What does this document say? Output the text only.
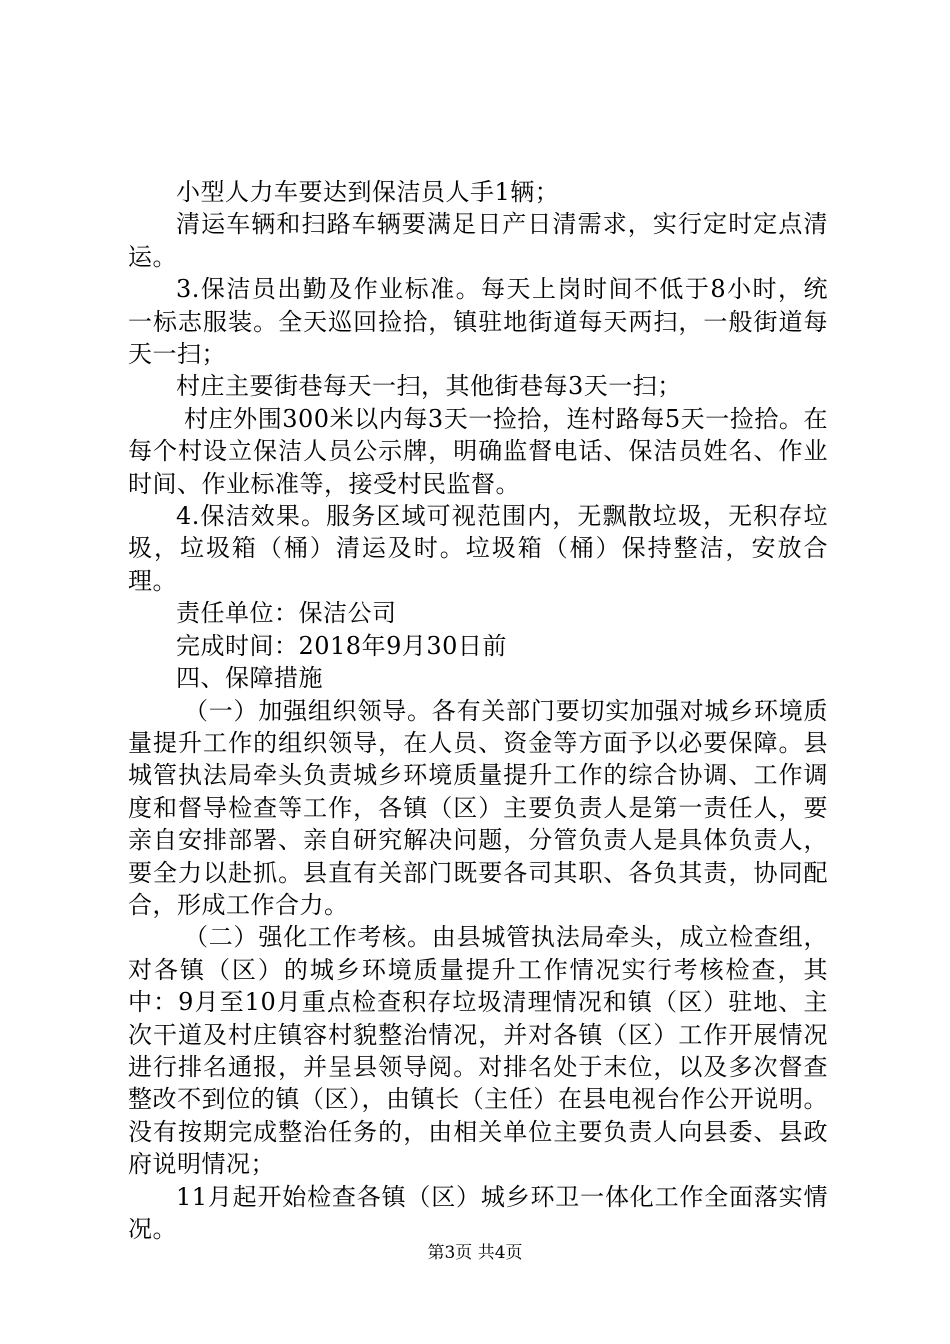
小型人力车要达到保洁员人手1辆；

清运车辆和扫路车辆要满足日产日清需求，实行定时定点清运。

3.保洁员出勤及作业标准。每天上岗时间不低于8小时，统一标志服装。全天巡回捡拾，镇驻地街道每天两扫，一般街道每天一扫；

村庄主要街巷每天一扫，其他街巷每3天一扫；

村庄外围300米以内每3天一捡拾，连村路每5天一捡拾。在每个村设立保洁人员公示牌，明确监督电话、保洁员姓名、作业时间、作业标准等，接受村民监督。

4.保洁效果。服务区域可视范围内，无飘散垃圾，无积存垃圾，垃圾箱（桶）清运及时。垃圾箱（桶）保持整洁，安放合理。

责任单位：保洁公司

完成时间：2018年9月30日前

四、保障措施

（一）加强组织领导。各有关部门要切实加强对城乡环境质量提升工作的组织领导，在人员、资金等方面予以必要保障。县城管执法局牵头负责城乡环境质量提升工作的综合协调、工作调度和督导检查等工作，各镇（区）主要负责人是第一责任人，要亲自安排部署、亲自研究解决问题，分管负责人是具体负责人，要全力以赴抓。县直有关部门既要各司其职、各负其责，协同配合，形成工作合力。

（二）强化工作考核。由县城管执法局牵头，成立检查组，对各镇（区）的城乡环境质量提升工作情况实行考核检查，其中：9月至10月重点检查积存垃圾清理情况和镇（区）驻地、主次干道及村庄镇容村貌整治情况，并对各镇（区）工作开展情况进行排名通报，并呈县领导阅。对排名处于末位，以及多次督查整改不到位的镇（区），由镇长（主任）在县电视台作公开说明。没有按期完成整治任务的，由相关单位主要负责人向县委、县政府说明情况；

11月起开始检查各镇（区）城乡环卫一体化工作全面落实情况。

第3页 共4页
